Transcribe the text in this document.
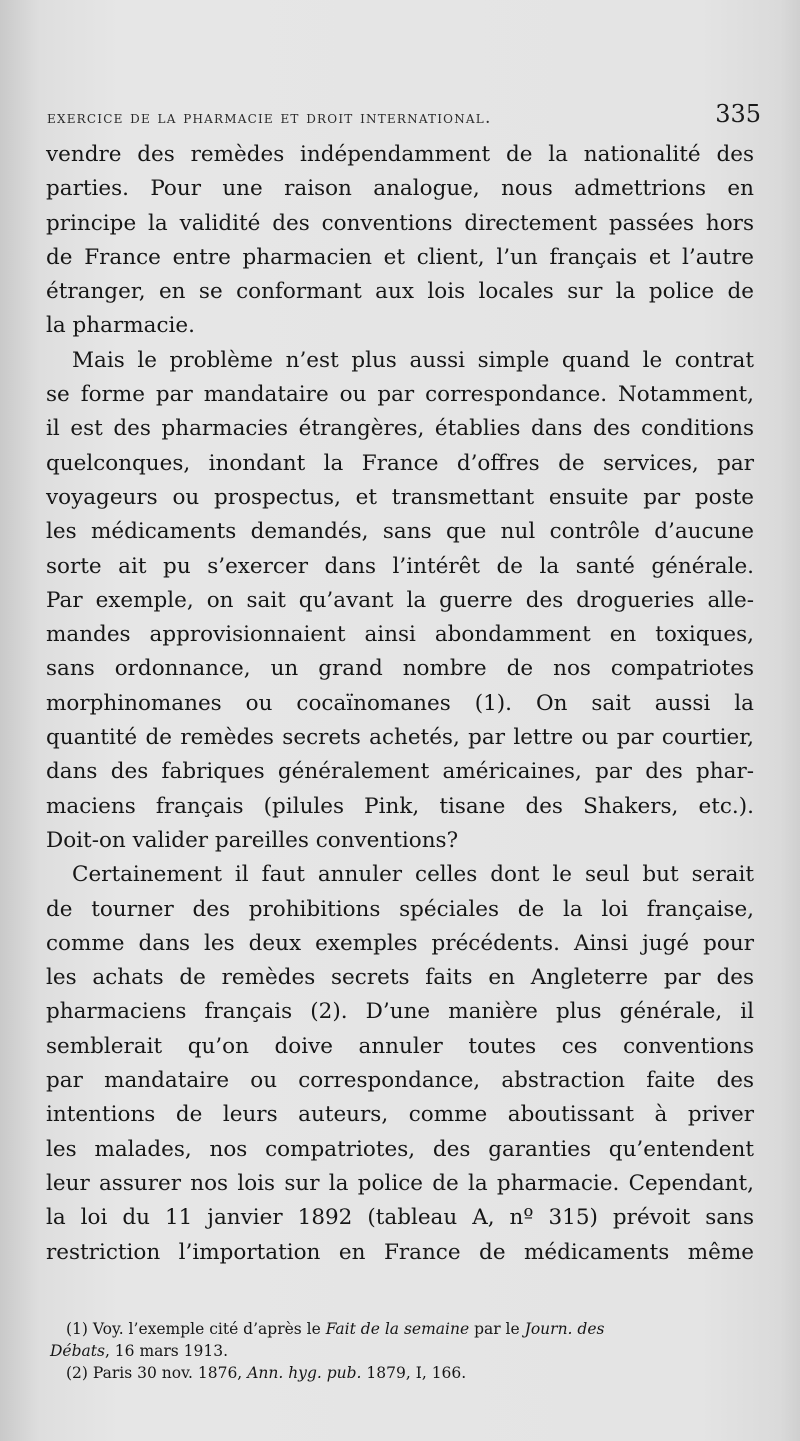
exercice de la pharmacie et droit international.	335
vendre des remèdes indépendamment de la nationalité des
parties. Pour une raison analogue, nous admettrions en
principe la validité des conventions directement passées hors
de France entre pharmacien et client, l’un français et l’autre
étranger, en se conformant aux lois locales sur la police de
la pharmacie.
Mais le problème n’est plus aussi simple quand le contrat
se forme par mandataire ou par correspondance. Notamment,
il est des pharmacies étrangères, établies dans des conditions
quelconques, inondant la France d’offres de services, par
voyageurs ou prospectus, et transmettant ensuite par poste
les médicaments demandés, sans que nul contrôle d’aucune
sorte ait pu s’exercer dans l’intérêt de la santé générale.
Par exemple, on sait qu’avant la guerre des drogueries alle-
mandes approvisionnaient ainsi abondamment en toxiques,
sans ordonnance, un grand nombre de nos compatriotes
morphinomanes ou cocaïnomanes (1). On sait aussi la
quantité de remèdes secrets achetés, par lettre ou par courtier,
dans des fabriques généralement américaines, par des phar-
maciens français (pilules Pink, tisane des Shakers, etc.).
Doit-on valider pareilles conventions?
Certainement il faut annuler celles dont le seul but serait
de tourner des prohibitions spéciales de la loi française,
comme dans les deux exemples précédents. Ainsi jugé pour
les achats de remèdes secrets faits en Angleterre par des
pharmaciens français (2). D’une manière plus générale, il
semblerait qu’on doive annuler toutes ces conventions
par mandataire ou correspondance, abstraction faite des
intentions de leurs auteurs, comme aboutissant à priver
les malades, nos compatriotes, des garanties qu’entendent
leur assurer nos lois sur la police de la pharmacie. Cependant,
la loi du 11 janvier 1892 (tableau A, nº 315) prévoit sans
restriction l’importation en France de médicaments même
(1) Voy. l’exemple cité d’après le Fait de la semaine par le Journ. des
Débats, 16 mars 1913.
(2) Paris 30 nov. 1876, Ann. hyg. pub. 1879, I, 166.
